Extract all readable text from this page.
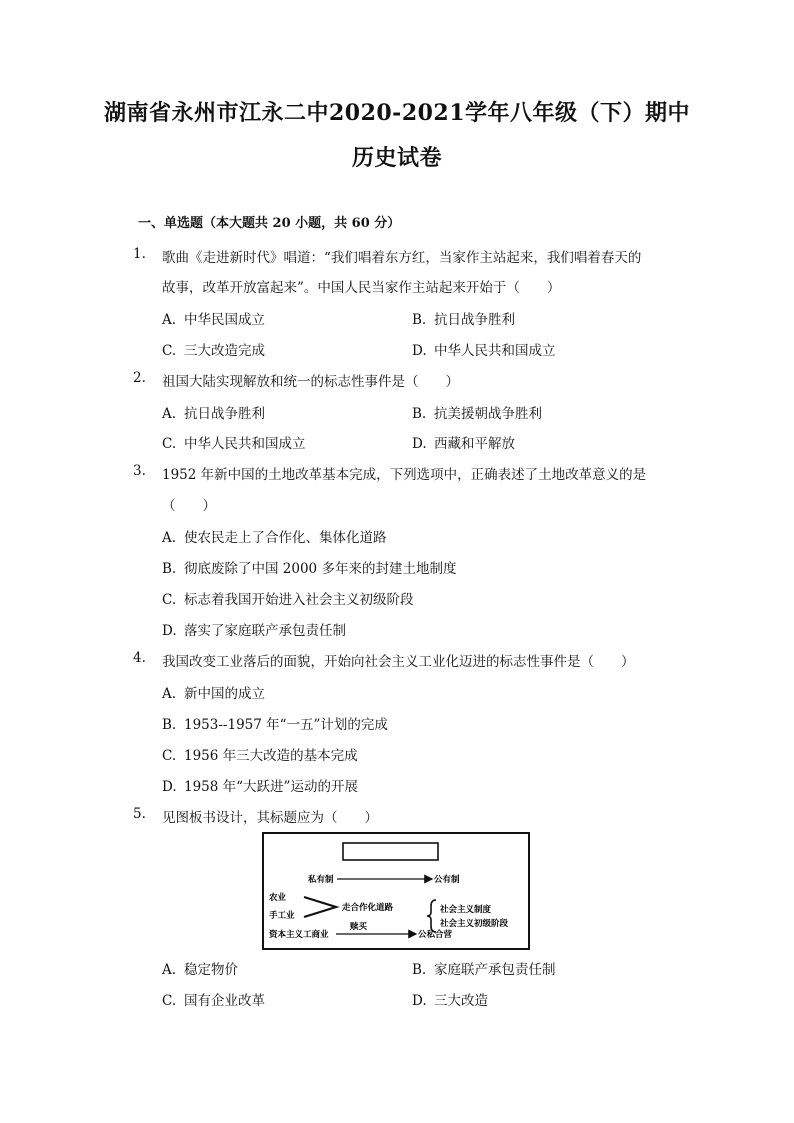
湖南省永州市江永二中2020-2021学年八年级（下）期中
历史试卷
一、单选题（本大题共 20 小题，共 60 分）
1. 歌曲《走进新时代》唱道：“我们唱着东方红，当家作主站起来，我们唱着春天的
故事，改革开放富起来”。中国人民当家作主站起来开始于（　　）
A. 中华民国成立	B. 抗日战争胜利
C. 三大改造完成	D. 中华人民共和国成立
2. 祖国大陆实现解放和统一的标志性事件是（　　）
A. 抗日战争胜利	B. 抗美援朝战争胜利
C. 中华人民共和国成立	D. 西藏和平解放
3. 1952 年新中国的土地改革基本完成，下列选项中，正确表述了土地改革意义的是
（　　）
A. 使农民走上了合作化、集体化道路
B. 彻底废除了中国 2000 多年来的封建土地制度
C. 标志着我国开始进入社会主义初级阶段
D. 落实了家庭联产承包责任制
4. 我国改变工业落后的面貌，开始向社会主义工业化迈进的标志性事件是（　　）
A. 新中国的成立
B. 1953--1957 年“一五”计划的完成
C. 1956 年三大改造的基本完成
D. 1958 年“大跃进”运动的开展
5. 见图板书设计，其标题应为（　　）
私有制	公有制
农业
手工业
资本主义工商业
走合作化道路
赎买
公私合营
社会主义制度
社会主义初级阶段
A. 稳定物价	B. 家庭联产承包责任制
C. 国有企业改革	D. 三大改造
